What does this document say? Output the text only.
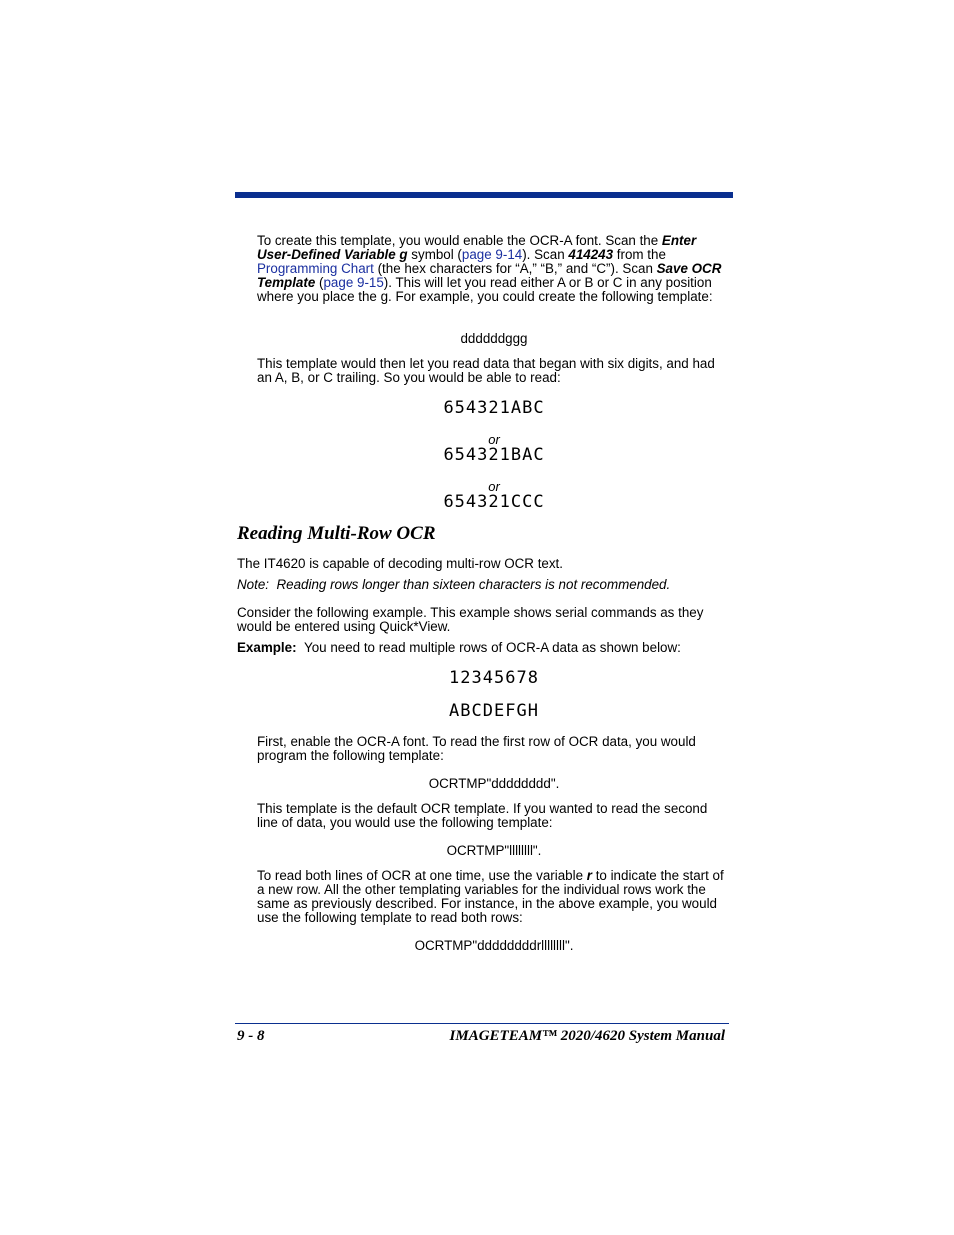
To create this template, you would enable the OCR-A font. Scan the Enter User-Defined Variable g symbol (page 9-14). Scan 414243 from the Programming Chart (the hex characters for “A,” “B,” and “C”). Scan Save OCR Template (page 9-15). This will let you read either A or B or C in any position where you place the g. For example, you could create the following template:

ddddddggg

This template would then let you read data that began with six digits, and had an A, B, or C trailing. So you would be able to read:

654321ABC

or

654321BAC

or

654321CCC

Reading Multi-Row OCR

The IT4620 is capable of decoding multi-row OCR text.

Note: Reading rows longer than sixteen characters is not recommended.

Consider the following example. This example shows serial commands as they would be entered using Quick*View.

Example: You need to read multiple rows of OCR-A data as shown below:

12345678

ABCDEFGH

First, enable the OCR-A font. To read the first row of OCR data, you would program the following template:

OCRTMP"dddddddd".

This template is the default OCR template. If you wanted to read the second line of data, you would use the following template:

OCRTMP"llllllll".

To read both lines of OCR at one time, use the variable r to indicate the start of a new row. All the other templating variables for the individual rows work the same as previously described. For instance, in the above example, you would use the following template to read both rows:

OCRTMP"ddddddddrllllllll".

9 - 8	IMAGETEAM™ 2020/4620 System Manual
